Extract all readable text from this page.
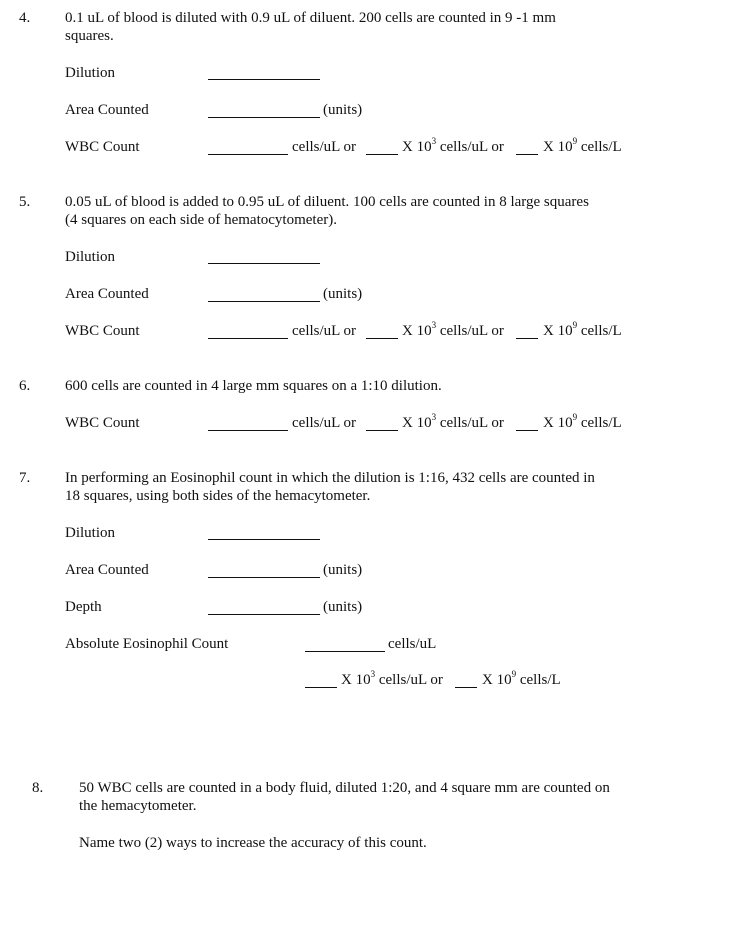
4. 0.1 uL of blood is diluted with 0.9 uL of diluent. 200 cells are counted in 9 -1 mm
squares.
Dilution
Area Counted	(units)
WBC Count	cells/uL or	X $10^3$ cells/uL or	X $10^9$ cells/L
5. 0.05 uL of blood is added to 0.95 uL of diluent. 100 cells are counted in 8 large squares
(4 squares on each side of hematocytometer).
Dilution
Area Counted	(units)
WBC Count	cells/uL or	X $10^3$ cells/uL or	X $10^9$ cells/L
6. 600 cells are counted in 4 large mm squares on a 1:10 dilution.
WBC Count	cells/uL or	X $10^3$ cells/uL or	X $10^9$ cells/L
7. In performing an Eosinophil count in which the dilution is 1:16, 432 cells are counted in
18 squares, using both sides of the hemacytometer.
Dilution
Area Counted	(units)
Depth	(units)
Absolute Eosinophil Count	cells/uL
X $10^3$ cells/uL or	X $10^9$ cells/L
8. 50 WBC cells are counted in a body fluid, diluted 1:20, and 4 square mm are counted on
the hemacytometer.
Name two (2) ways to increase the accuracy of this count.
